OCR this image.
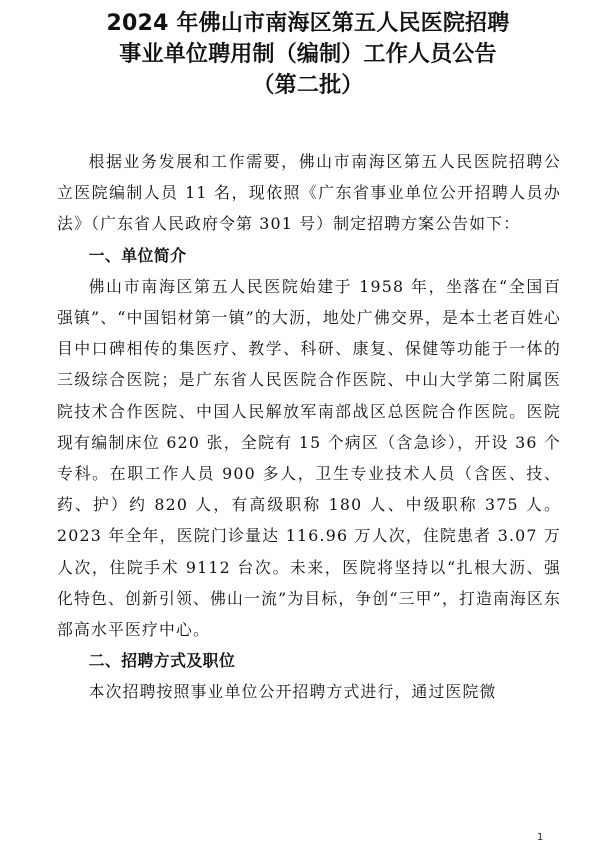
2024 年佛山市南海区第五人民医院招聘
事业单位聘用制（编制）工作人员公告
（第二批）

根据业务发展和工作需要，佛山市南海区第五人民医院招聘公立医院编制人员 11 名，现依照《广东省事业单位公开招聘人员办法》（广东省人民政府令第 301 号）制定招聘方案公告如下：

一、单位简介

佛山市南海区第五人民医院始建于 1958 年，坐落在“全国百强镇”、“中国铝材第一镇”的大沥，地处广佛交界，是本土老百姓心目中口碑相传的集医疗、教学、科研、康复、保健等功能于一体的三级综合医院；是广东省人民医院合作医院、中山大学第二附属医院技术合作医院、中国人民解放军南部战区总医院合作医院。医院现有编制床位 620 张，全院有 15 个病区（含急诊），开设 36 个专科。在职工作人员 900 多人，卫生专业技术人员（含医、技、药、护）约 820 人，有高级职称 180 人、中级职称 375 人。2023 年全年，医院门诊量达 116.96 万人次，住院患者 3.07 万人次，住院手术 9112 台次。未来，医院将坚持以“扎根大沥、强化特色、创新引领、佛山一流”为目标，争创“三甲”，打造南海区东部高水平医疗中心。

二、招聘方式及职位

本次招聘按照事业单位公开招聘方式进行，通过医院微

1
